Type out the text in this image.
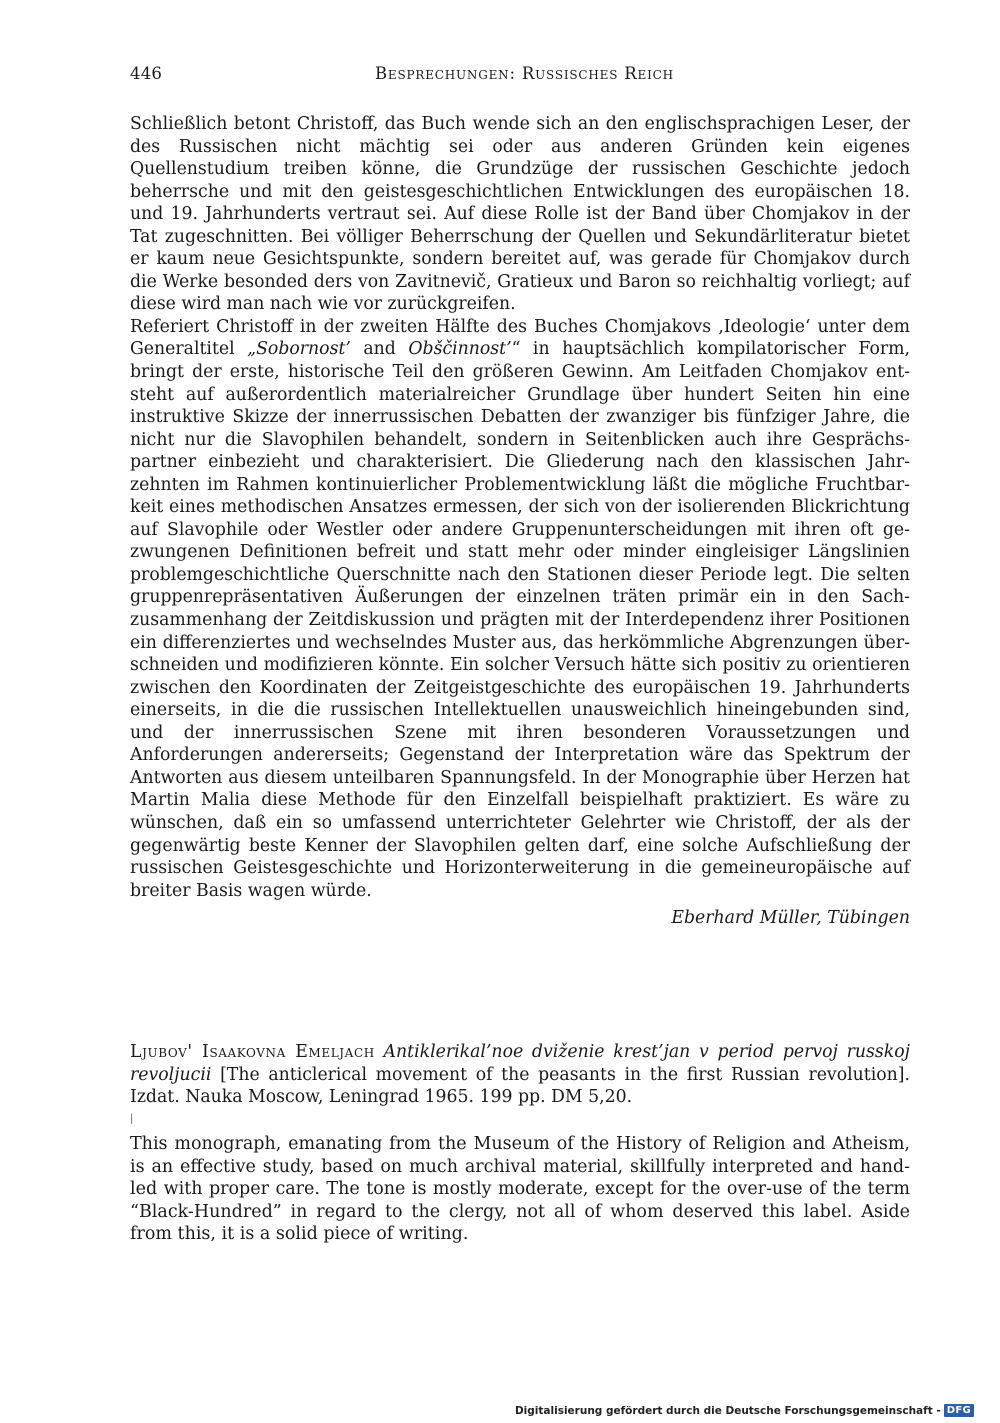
446	Besprechungen: Russisches Reich

Schließlich betont Christoff, das Buch wende sich an den englischsprachigen Leser, der des Russischen nicht mächtig sei oder aus anderen Gründen kein eigenes Quellenstudium treiben könne, die Grundzüge der russischen Geschichte jedoch beherrsche und mit den geistesgeschichtlichen Entwicklungen des europäischen 18. und 19. Jahrhunderts vertraut sei. Auf diese Rolle ist der Band über Chomjakov in der Tat zugeschnitten. Bei völliger Beherrschung der Quellen und Sekundärliteratur bietet er kaum neue Gesichtspunkte, sondern bereitet auf, was gerade für Chomjakov durch die Werke besonded ders von Zavitnevič, Gratieux und Baron so reichhaltig vorliegt; auf diese wird man nach wie vor zurückgreifen.

Referiert Christoff in der zweiten Hälfte des Buches Chomjakovs ‚Ideologie‘ unter dem Generaltitel „Sobornost’ and Obščinnost’“ in hauptsächlich kompilatorischer Form, bringt der erste, historische Teil den größeren Gewinn. Am Leitfaden Chomjakov entsteht auf außerordentlich materialreicher Grundlage über hundert Seiten hin eine instruktive Skizze der innerrussischen Debatten der zwanziger bis fünfziger Jahre, die nicht nur die Slavophilen behandelt, sondern in Seitenblicken auch ihre Gesprächspartner einbezieht und charakterisiert. Die Gliederung nach den klassischen Jahrzehnten im Rahmen kontinuierlicher Problementwicklung läßt die mögliche Fruchtbarkeit eines methodischen Ansatzes ermessen, der sich von der isolierenden Blickrichtung auf Slavophile oder Westler oder andere Gruppenunterscheidungen mit ihren oft gezwungenen Definitionen befreit und statt mehr oder minder eingleisiger Längslinien problemgeschichtliche Querschnitte nach den Stationen dieser Periode legt. Die selten gruppenrepräsentativen Äußerungen der einzelnen träten primär ein in den Sachzusammenhang der Zeitdiskussion und prägten mit der Interdependenz ihrer Positionen ein differenziertes und wechselndes Muster aus, das herkömmliche Abgrenzungen überschneiden und modifizieren könnte. Ein solcher Versuch hätte sich positiv zu orientieren zwischen den Koordinaten der Zeitgeistgeschichte des europäischen 19. Jahrhunderts einerseits, in die die russischen Intellektuellen unausweichlich hineingebunden sind, und der innerrussischen Szene mit ihren besonderen Voraussetzungen und Anforderungen andererseits; Gegenstand der Interpretation wäre das Spektrum der Antworten aus diesem unteilbaren Spannungsfeld. In der Monographie über Herzen hat Martin Malia diese Methode für den Einzelfall beispielhaft praktiziert. Es wäre zu wünschen, daß ein so umfassend unterrichteter Gelehrter wie Christoff, der als der gegenwärtig beste Kenner der Slavophilen gelten darf, eine solche Aufschließung der russischen Geistesgeschichte und Horizonterweiterung in die gemeineuropäische auf breiter Basis wagen würde.

Eberhard Müller, Tübingen

Ljubov' Isaakovna Emeljach Antiklerikal’noe dviženie krest’jan v period pervoj russkoj revoljucii [The anticlerical movement of the peasants in the first Russian revolution]. Izdat. Nauka Moscow, Leningrad 1965. 199 pp. DM 5,20.

|

This monograph, emanating from the Museum of the History of Religion and Atheism, is an effective study, based on much archival material, skillfully interpreted and handled with proper care. The tone is mostly moderate, except for the over-use of the term “Black-Hundred” in regard to the clergy, not all of whom deserved this label. Aside from this, it is a solid piece of writing.

Digitalisierung gefördert durch die Deutsche Forschungsgemeinschaft - DFG
